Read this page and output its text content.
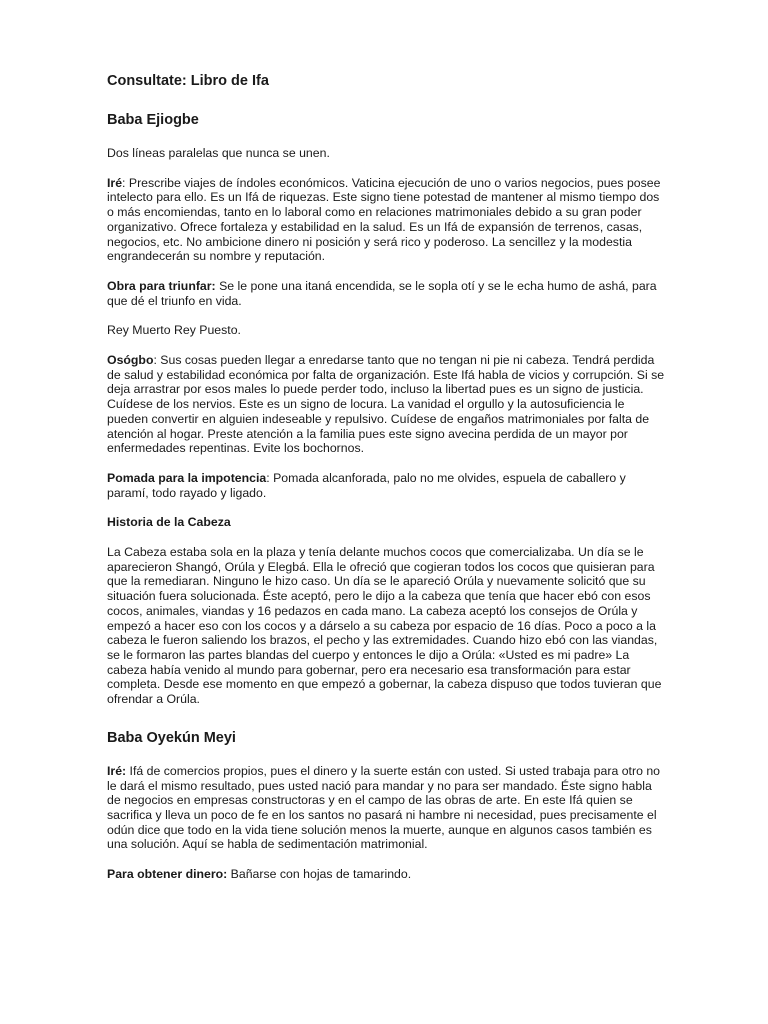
Consultate: Libro de Ifa
Baba Ejiogbe

Dos líneas paralelas que nunca se unen.

Iré: Prescribe viajes de índoles económicos. Vaticina ejecución de uno o varios negocios, pues posee intelecto para ello. Es un Ifá de riquezas. Este signo tiene potestad de mantener al mismo tiempo dos o más encomiendas, tanto en lo laboral como en relaciones matrimoniales debido a su gran poder organizativo. Ofrece fortaleza y estabilidad en la salud. Es un Ifá de expansión de terrenos, casas, negocios, etc. No ambicione dinero ni posición y será rico y poderoso. La sencillez y la modestia engrandecerán su nombre y reputación.

Obra para triunfar: Se le pone una itaná encendida, se le sopla otí y se le echa humo de ashá, para que dé el triunfo en vida.

Rey Muerto Rey Puesto.

Osógbo: Sus cosas pueden llegar a enredarse tanto que no tengan ni pie ni cabeza. Tendrá perdida de salud y estabilidad económica por falta de organización. Este Ifá habla de vicios y corrupción. Si se deja arrastrar por esos males lo puede perder todo, incluso la libertad pues es un signo de justicia. Cuídese de los nervios. Este es un signo de locura. La vanidad el orgullo y la autosuficiencia le pueden convertir en alguien indeseable y repulsivo. Cuídese de engaños matrimoniales por falta de atención al hogar. Preste atención a la familia pues este signo avecina perdida de un mayor por enfermedades repentinas. Evite los bochornos.

Pomada para la impotencia: Pomada alcanforada, palo no me olvides, espuela de caballero y paramí, todo rayado y ligado.

Historia de la Cabeza

La Cabeza estaba sola en la plaza y tenía delante muchos cocos que comercializaba. Un día se le aparecieron Shangó, Orúla y Elegbá. Ella le ofreció que cogieran todos los cocos que quisieran para que la remediaran. Ninguno le hizo caso. Un día se le apareció Orúla y nuevamente solicitó que su situación fuera solucionada. Éste aceptó, pero le dijo a la cabeza que tenía que hacer ebó con esos cocos, animales, viandas y 16 pedazos en cada mano. La cabeza aceptó los consejos de Orúla y empezó a hacer eso con los cocos y a dárselo a su cabeza por espacio de 16 días. Poco a poco a la cabeza le fueron saliendo los brazos, el pecho y las extremidades. Cuando hizo ebó con las viandas, se le formaron las partes blandas del cuerpo y entonces le dijo a Orúla: «Usted es mi padre» La cabeza había venido al mundo para gobernar, pero era necesario esa transformación para estar completa. Desde ese momento en que empezó a gobernar, la cabeza dispuso que todos tuvieran que ofrendar a Orúla.

Baba Oyekún Meyi

Iré: Ifá de comercios propios, pues el dinero y la suerte están con usted. Si usted trabaja para otro no le dará el mismo resultado, pues usted nació para mandar y no para ser mandado. Éste signo habla de negocios en empresas constructoras y en el campo de las obras de arte. En este Ifá quien se sacrifica y lleva un poco de fe en los santos no pasará ni hambre ni necesidad, pues precisamente el odún dice que todo en la vida tiene solución menos la muerte, aunque en algunos casos también es una solución. Aquí se habla de sedimentación matrimonial.

Para obtener dinero: Bañarse con hojas de tamarindo.
